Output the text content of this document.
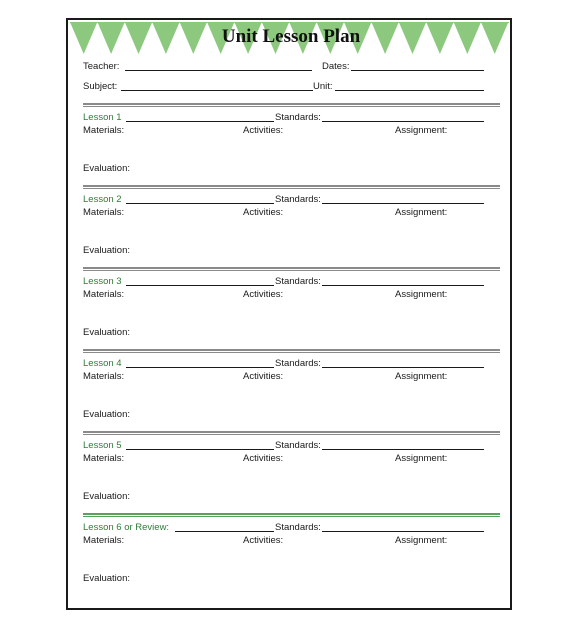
Unit Lesson Plan
Teacher:	Dates:
Subject:	Unit:
Lesson 1	Standards:
Materials:	Activities:	Assignment:
Evaluation:
Lesson 2	Standards:
Materials:	Activities:	Assignment:
Evaluation:
Lesson 3	Standards:
Materials:	Activities:	Assignment:
Evaluation:
Lesson 4	Standards:
Materials:	Activities:	Assignment:
Evaluation:
Lesson 5	Standards:
Materials:	Activities:	Assignment:
Evaluation:
Lesson 6 or Review:	Standards:
Materials:	Activities:	Assignment:
Evaluation:
